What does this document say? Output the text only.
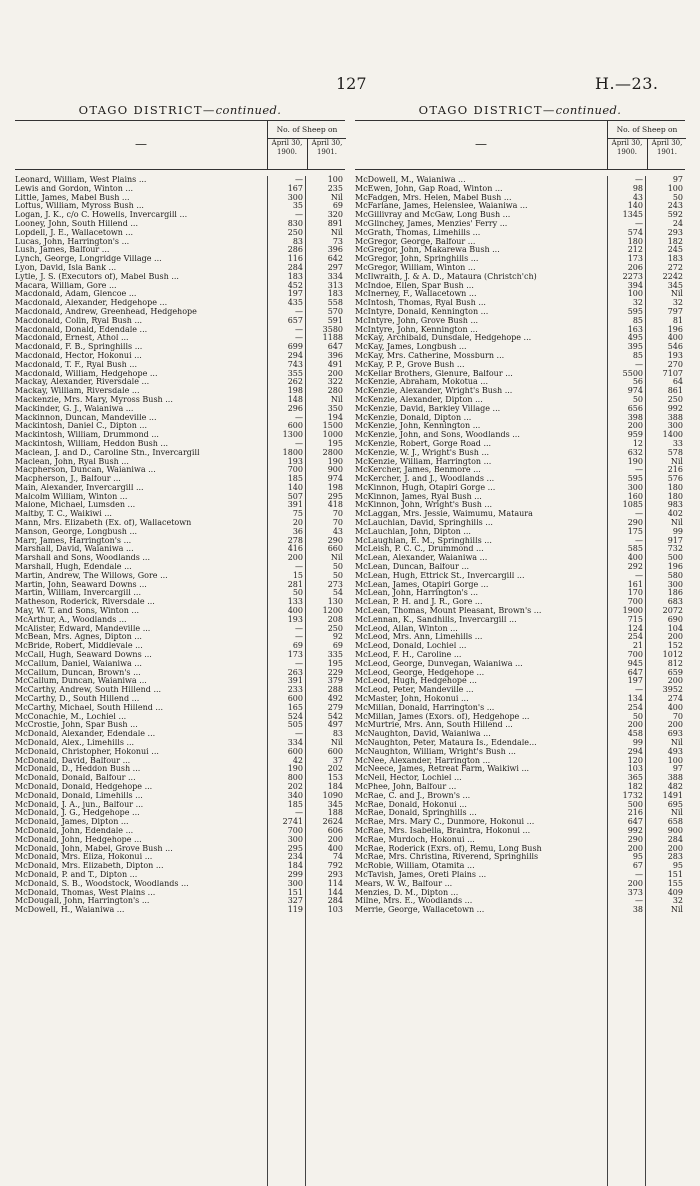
127	H.—23.
OTAGO DISTRICT—continued.
—
No. of Sheep on
April 30, 1900.
April 30, 1901.
Leonard, William, West Plains ...	—	100
Lewis and Gordon, Winton ...	167	235
Little, James, Mabel Bush ...	300	Nil
Loftus, William, Myross Bush ...	35	69
Logan, J. K., c/o C. Howells, Invercargill ...	—	320
Looney, John, South Hillend ...	830	891
Lopdell, J. E., Wallacetown ...	250	Nil
Lucas, John, Harrington's ...	83	73
Lush, James, Balfour ...	286	396
Lynch, George, Longridge Village ...	116	642
Lyon, David, Isla Bank ...	284	297
Lytle, J. S. (Executors of), Mabel Bush ...	183	334
Macara, William, Gore ...	452	313
Macdonald, Adam, Glencoe ...	197	183
Macdonald, Alexander, Hedgehope ...	435	558
Macdonald, Andrew, Greenhead, Hedgehope	—	570
Macdonald, Colin, Ryal Bush ...	657	591
Macdonald, Donald, Edendale ...	—	3580
Macdonald, Ernest, Athol ...	—	1188
Macdonald, F. B., Springhills ...	699	647
Macdonald, Hector, Hokonui ...	294	396
Macdonald, T. F., Ryal Bush ...	743	491
Macdonald, William, Hedgehope ...	355	200
Mackay, Alexander, Riversdale ...	262	322
Mackay, William, Riversdale ...	198	280
Mackenzie, Mrs. Mary, Myross Bush ...	148	Nil
Mackinder, G. J., Waianiwa ...	296	350
Mackinnon, Duncan, Mandeville ...	—	194
Mackintosh, Daniel C., Dipton ...	600	1500
Mackintosh, William, Drummond ...	1300	1000
Mackintosh, William, Heddon Bush ...	—	195
Maclean, J. and D., Caroline Stn., Invercargill	1800	2800
Maclean, John, Ryal Bush ...	193	190
Macpherson, Duncan, Waianiwa ...	700	900
Macpherson, J., Balfour ...	185	974
Main, Alexander, Invercargill ...	140	198
Malcolm William, Winton ...	507	295
Malone, Michael, Lumsden ...	391	418
Maltby, T. C., Waikiwi ...	75	70
Mann, Mrs. Elizabeth (Ex. of), Wallacetown	20	70
Manson, George, Longbush ...	36	43
Marr, James, Harrington's ...	278	290
Marshall, David, Waianiwa ...	416	660
Marshall and Sons, Woodlands ...	200	Nil
Marshall, Hugh, Edendale ...	—	50
Martin, Andrew, The Willows, Gore ...	15	50
Martin, John, Seaward Downs ...	281	273
Martin, William, Invercargill ...	50	54
Matheson, Roderick, Riversdale ...	133	130
May, W. T. and Sons, Winton ...	400	1200
McArthur, A., Woodlands ...	193	208
McAlister, Edward, Mandeville ...	—	250
McBean, Mrs. Agnes, Dipton ...	—	92
McBride, Robert, Middlevale ...	69	69
McCall, Hugh, Seaward Downs ...	173	335
McCallum, Daniel, Waianiwa ...	—	195
McCallum, Duncan, Brown's ...	263	229
McCallum, Duncan, Waianiwa ...	391	379
McCarthy, Andrew, South Hillend ...	233	288
McCarthy, D., South Hillend ...	600	492
McCarthy, Michael, South Hillend ...	165	279
McConachie, M., Lochiel ...	524	542
McCrostie, John, Spar Bush ...	505	497
McDonald, Alexander, Edendale ...	—	83
McDonald, Alex., Limehills ...	334	Nil
McDonald, Christopher, Hokonui ...	600	600
McDonald, David, Balfour ...	42	37
McDonald, D., Heddon Bush ...	190	202
McDonald, Donald, Balfour ...	800	153
McDonald, Donald, Hedgehope ...	202	184
McDonald, Donald, Limehills ...	340	1090
McDonald, J. A., jun., Balfour ...	185	345
McDonald, J. G., Hedgehope ...	—	188
McDonald, James, Dipton ...	2741	2624
McDonald, John, Edendale ...	700	606
McDonald, John, Hedgehope ...	300	200
McDonald, John, Mabel, Grove Bush ...	295	400
McDonald, Mrs. Eliza, Hokonui ...	234	74
McDonald, Mrs. Elizabeth, Dipton ...	184	792
McDonald, P. and T., Dipton ...	299	293
McDonald, S. B., Woodstock, Woodlands ...	300	114
McDonald, Thomas, West Plains ...	151	144
McDougall, John, Harrington's ...	327	284
McDowell, H., Waianiwa ...	119	103
OTAGO DISTRICT—continued.
—
No. of Sheep on
April 30, 1900.
April 30, 1901.
McDowell, M., Waianiwa ...	—	97
McEwen, John, Gap Road, Winton ...	98	100
McFadgen, Mrs. Helen, Mabel Bush ...	43	50
McFarlane, James, Helenslee, Waianiwa ...	140	243
McGillivray and McGaw, Long Bush ...	1345	592
McGlinchey, James, Menzies' Ferry ...	—	24
McGrath, Thomas, Limehills ...	574	293
McGregor, George, Balfour ...	180	182
McGregor, John, Makarewa Bush ...	212	245
McGregor, John, Springhills ...	173	183
McGregor, William, Winton ...	206	272
McIlwraith, J. & A. D., Mataura (Christch'ch)	2273	2242
McIndoe, Ellen, Spar Bush ...	394	345
McInerney, F., Wallacetown ...	100	Nil
McIntosh, Thomas, Ryal Bush ...	32	32
McIntyre, Donald, Kennington ...	595	797
McIntyre, John, Grove Bush ...	85	81
McIntyre, John, Kennington ...	163	196
McKay, Archibald, Dunsdale, Hedgehope ...	495	400
McKay, James, Longbush ...	395	546
McKay, Mrs. Catherine, Mossburn ...	85	193
McKay, P. P., Grove Bush ...	—	270
McKellar Brothers, Glenure, Balfour ...	5500	7107
McKenzie, Abraham, Mokotua ...	56	64
McKenzie, Alexander, Wright's Bush ...	974	861
McKenzie, Alexander, Dipton ...	50	250
McKenzie, David, Barkley Village ...	656	992
McKenzie, Donald, Dipton ...	398	388
McKenzie, John, Kennington ...	200	300
McKenzie, John, and Sons, Woodlands ...	959	1400
McKenzie, Robert, Gorge Road ...	12	33
McKenzie, W. J., Wright's Bush ...	632	578
McKenzie, William, Harrington ...	190	Nil
McKercher, James, Benmore ...	—	216
McKercher, J. and J., Woodlands ...	595	576
McKinnon, Hugh, Otapiri Gorge ...	300	180
McKinnon, James, Ryal Bush ...	160	180
McKinnon, John, Wright's Bush ...	1085	983
McLaggan, Mrs. Jessie, Waimumu, Mataura	—	402
McLauchlan, David, Springhills ...	290	Nil
McLauchlan, John, Dipton ...	175	99
McLaughlan, E. M., Springhills ...	—	917
McLeish, P. C. C., Drummond ...	585	732
McLean, Alexander, Waianiwa ...	400	500
McLean, Duncan, Balfour ...	292	196
McLean, Hugh, Ettrick St., Invercargill ...	—	580
McLean, James, Otapiri Gorge ...	161	300
McLean, John, Harrington's ...	170	186
McLean, P. H. and J. R., Gore ...	700	683
McLean, Thomas, Mount Pleasant, Brown's ...	1900	2072
McLennan, K., Sandhills, Invercargill ...	715	690
McLeod, Allan, Winton ...	124	104
McLeod, Mrs. Ann, Limehills ...	254	200
McLeod, Donald, Lochiel ...	21	152
McLeod, F. H., Caroline ...	700	1012
McLeod, George, Dunvegan, Waianiwa ...	945	812
McLeod, George, Hedgehope ...	647	659
McLeod, Hugh, Hedgehope ...	197	200
McLeod, Peter, Mandeville ...	—	3952
McMaster, John, Hokonui ...	134	274
McMillan, Donald, Harrington's ...	254	400
McMillan, James (Exors. of), Hedgehope ...	50	70
McMurtrie, Mrs. Ann, South Hillend ...	200	200
McNaughton, David, Waianiwa ...	458	693
McNaughton, Peter, Mataura Is., Edendale...	99	Nil
McNaughton, William, Wright's Bush ...	294	493
McNee, Alexander, Harrington ...	120	100
McNeece, James, Retreat Farm, Waikiwi ...	103	97
McNeil, Hector, Lochiel ...	365	388
McPhee, John, Balfour ...	182	482
McRae, C. and J., Brown's ...	1732	1491
McRae, Donald, Hokonui ...	500	695
McRae, Donald, Springhills ...	216	Nil
McRae, Mrs. Mary C., Dunmore, Hokonui ...	647	658
McRae, Mrs. Isabella, Braintra, Hokonui ...	992	900
McRae, Murdoch, Hokonui ...	290	284
McRae, Roderick (Exrs. of), Remu, Long Bush	200	200
McRae, Mrs. Christina, Riverend, Springhills	95	283
McRobie, William, Otamita ...	67	95
McTavish, James, Oreti Plains ...	—	151
Mears, W. W., Balfour ...	200	155
Menzies, D. M., Dipton ...	373	409
Milne, Mrs. E., Woodlands ...	—	32
Merrie, George, Wallacetown ...	38	Nil
